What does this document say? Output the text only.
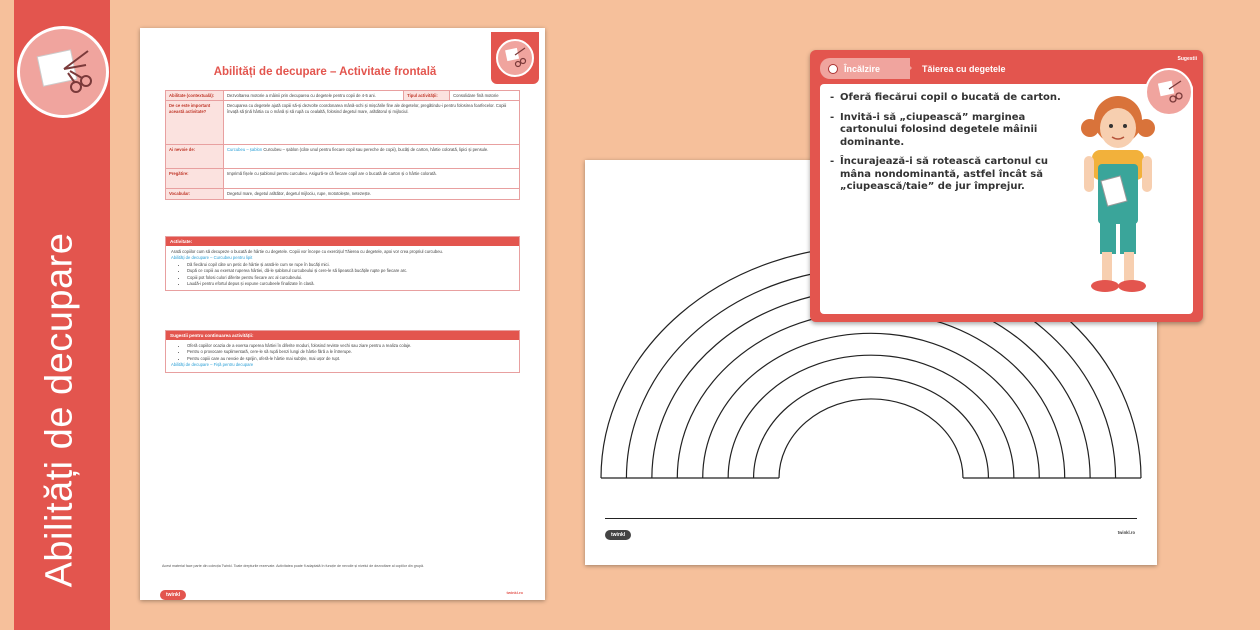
Abilități de decupare
Abilități de decupare – Activitate frontală
Abilitate (contextuală):	Dezvoltarea motorie a mâinii prin decuparea cu degetele pentru copii de 4-5 ani.	Tipul activității:	Consolidare fină motorie
De ce este important această activitate?	Decuparea cu degetele ajută copiii să-și dezvolte coordonarea mână-ochi și mișcările fine ale degetelor, pregătindu-i pentru folosirea foarfecelor. Copiii învață să țină hârtia cu o mână și să rupă cu cealaltă, folosind degetul mare, arătătorul și mijlociul.		
Ai nevoie de:	Curcubeu – șablon Curcubeu – șablon (câte unul pentru fiecare copil sau pereche de copii), bucăți de carton, hârtie colorată, lipici și pensule.		
Pregătire:	Imprimă fișele cu șablonul pentru curcubeu. Asigură-te că fiecare copil are o bucată de carton și o hârtie colorată.		
Vocabular:	Degetul mare, degetul arătător, degetul mijlociu, rupe, mototolește, netezește.		
Activitate:

Arată copiilor cum să decupeze o bucată de hârtie cu degetele. Copiii vor începe cu exercițiul Tăierea cu degetele, apoi vor crea propriul curcubeu.

Abilități de decupare – Curcubeu pentru lipit

• Dă fiecărui copil câte un petic de hârtie și arată-le cum se rupe în bucăți mici.
• După ce copiii au exersat ruperea hârtiei, dă-le șablonul curcubeului și cere-le să lipească bucățile rupte pe fiecare arc.
• Copiii pot folosi culori diferite pentru fiecare arc al curcubeului.
• Laudă-i pentru efortul depus și expune curcubeele finalizate în clasă.
Sugestii pentru continuarea activității:
• Oferă copiilor ocazia de a exersa ruperea hârtiei în diferite moduri, folosind reviste vechi sau ziare pentru a realiza colaje.
• Pentru o provocare suplimentară, cere-le să rupă benzi lungi de hârtie fără a le întrerupe.
• Pentru copiii care au nevoie de sprijin, oferă-le hârtie mai subțire, mai ușor de rupt.

Abilități de decupare – Fișă pentru decupare

Acest material face parte din colecția Twinkl. Toate drepturile rezervate. Activitatea poate fi adaptată în funcție de nevoile și nivelul de dezvoltare al copiilor din grupă.
twinkl	twinkl.ro
twinkl	twinkl.ro
Încălzire	Tăierea cu degetele
Sugestii
- Oferă fiecărui copil o bucată de carton.
- Invită-i să „ciupească” marginea cartonului folosind degetele mâinii dominante.
- Încurajează-i să rotească cartonul cu mâna nondominantă, astfel încât să „ciupească/taie” de jur împrejur.
